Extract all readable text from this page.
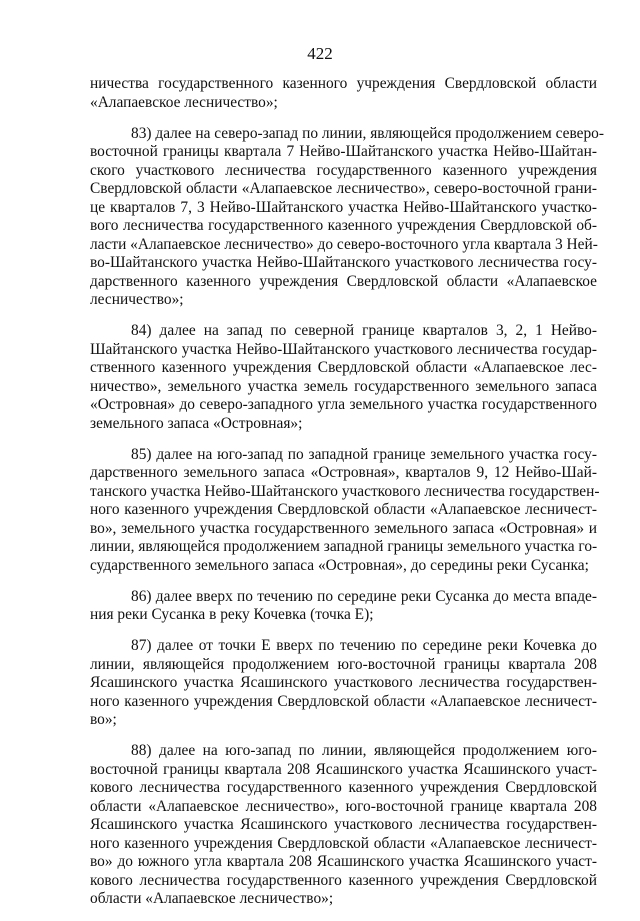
422
ничества государственного казенного учреждения Свердловской области
«Алапаевское лесничество»;
83) далее на северо-запад по линии, являющейся продолжением северо-
восточной границы квартала 7 Нейво-Шайтанского участка Нейво-Шайтан-
ского участкового лесничества государственного казенного учреждения
Свердловской области «Алапаевское лесничество», северо-восточной грани-
це кварталов 7, 3 Нейво-Шайтанского участка Нейво-Шайтанского участко-
вого лесничества государственного казенного учреждения Свердловской об-
ласти «Алапаевское лесничество» до северо-восточного угла квартала 3 Ней-
во-Шайтанского участка Нейво-Шайтанского участкового лесничества госу-
дарственного казенного учреждения Свердловской области «Алапаевское
лесничество»;
84) далее на запад по северной границе кварталов 3, 2, 1 Нейво-
Шайтанского участка Нейво-Шайтанского участкового лесничества государ-
ственного казенного учреждения Свердловской области «Алапаевское лес-
ничество», земельного участка земель государственного земельного запаса
«Островная» до северо-западного угла земельного участка государственного
земельного запаса «Островная»;
85) далее на юго-запад по западной границе земельного участка госу-
дарственного земельного запаса «Островная», кварталов 9, 12 Нейво-Шай-
танского участка Нейво-Шайтанского участкового лесничества государствен-
ного казенного учреждения Свердловской области «Алапаевское лесничест-
во», земельного участка государственного земельного запаса «Островная» и
линии, являющейся продолжением западной границы земельного участка го-
сударственного земельного запаса «Островная», до середины реки Сусанка;
86) далее вверх по течению по середине реки Сусанка до места впаде-
ния реки Сусанка в реку Кочевка (точка Е);
87) далее от точки Е вверх по течению по середине реки Кочевка до
линии, являющейся продолжением юго-восточной границы квартала 208
Ясашинского участка Ясашинского участкового лесничества государствен-
ного казенного учреждения Свердловской области «Алапаевское лесничест-
во»;
88) далее на юго-запад по линии, являющейся продолжением юго-
восточной границы квартала 208 Ясашинского участка Ясашинского участ-
кового лесничества государственного казенного учреждения Свердловской
области «Алапаевское лесничество», юго-восточной границе квартала 208
Ясашинского участка Ясашинского участкового лесничества государствен-
ного казенного учреждения Свердловской области «Алапаевское лесничест-
во» до южного угла квартала 208 Ясашинского участка Ясашинского участ-
кового лесничества государственного казенного учреждения Свердловской
области «Алапаевское лесничество»;
